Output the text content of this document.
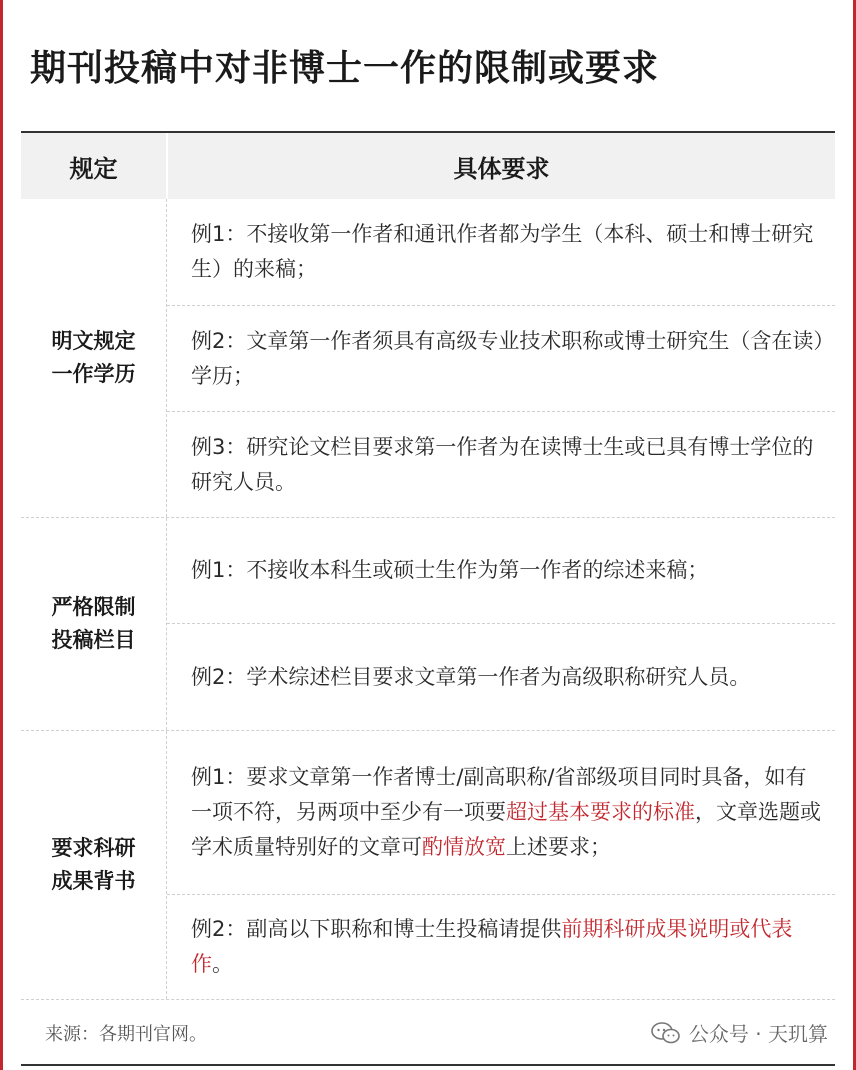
期刊投稿中对非博士一作的限制或要求
规定	具体要求
明文规定
一作学历
例1：不接收第一作者和通讯作者都为学生（本科、硕士和博士研究生）的来稿；
例2：文章第一作者须具有高级专业技术职称或博士研究生（含在读）学历；
例3：研究论文栏目要求第一作者为在读博士生或已具有博士学位的研究人员。
严格限制
投稿栏目
例1：不接收本科生或硕士生作为第一作者的综述来稿；
例2：学术综述栏目要求文章第一作者为高级职称研究人员。
要求科研
成果背书
例1：要求文章第一作者博士/副高职称/省部级项目同时具备，如有一项不符，另两项中至少有一项要超过基本要求的标准，文章选题或学术质量特别好的文章可酌情放宽上述要求；
例2：副高以下职称和博士生投稿请提供前期科研成果说明或代表作。
来源：各期刊官网。	公众号 · 天玑算
